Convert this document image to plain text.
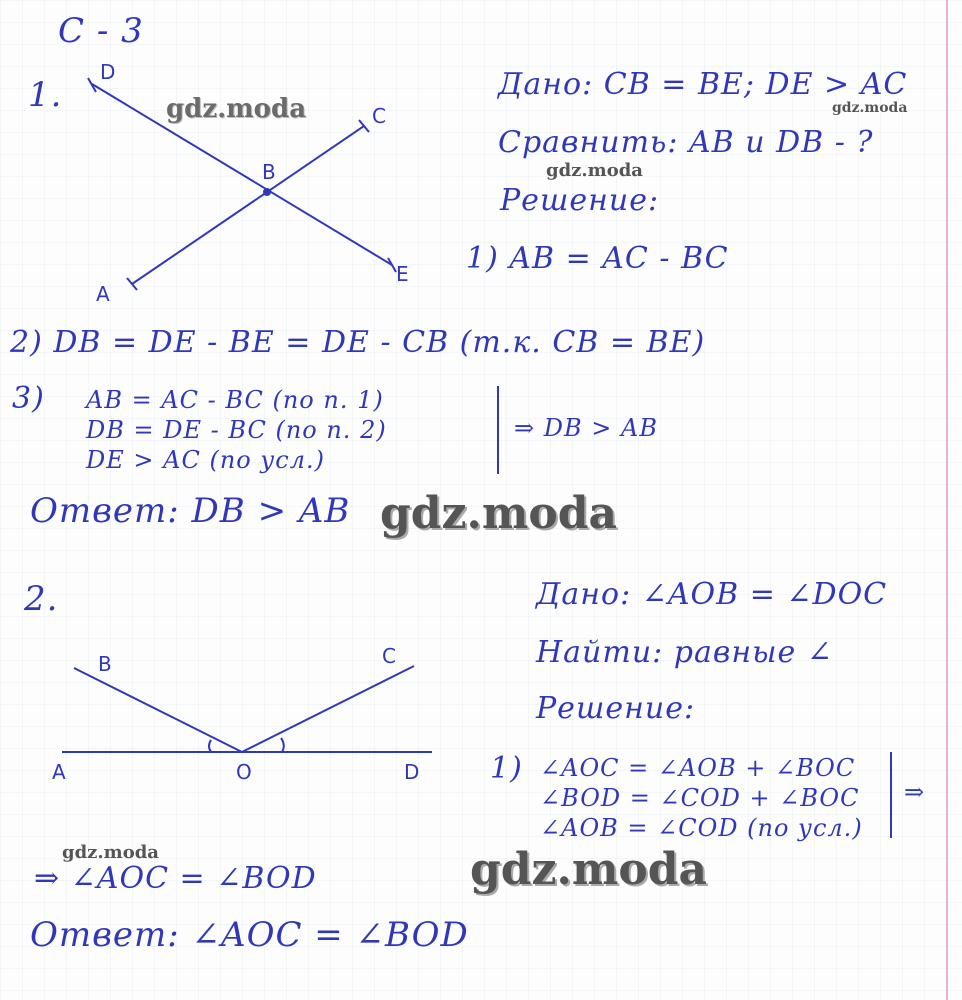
С - 3
1.
D
C
B
E
A
Дано: CB = BE; DE > AC
Сравнить: AB и DB - ?
Решение:
1) AB = AC - BC
2) DB = DE - BE = DE - CB (т.к. CB = BE)
3) AB = AC - BC (по п. 1)
DB = DE - BC (по п. 2)
DE > AC (по усл.)
⇒ DB > AB
Ответ: DB > AB
2.
B	C
A	O	D
Дано: ∠AOB = ∠DOC
Найти: равные ∠
Решение:
1) ∠AOC = ∠AOB + ∠BOC
∠BOD = ∠COD + ∠BOC
∠AOB = ∠COD (по усл.)
⇒
⇒ ∠AOC = ∠BOD
Ответ: ∠AOC = ∠BOD
gdz.moda	gdz.moda
gdz.moda
gdz.moda
gdz.moda	gdz.moda
